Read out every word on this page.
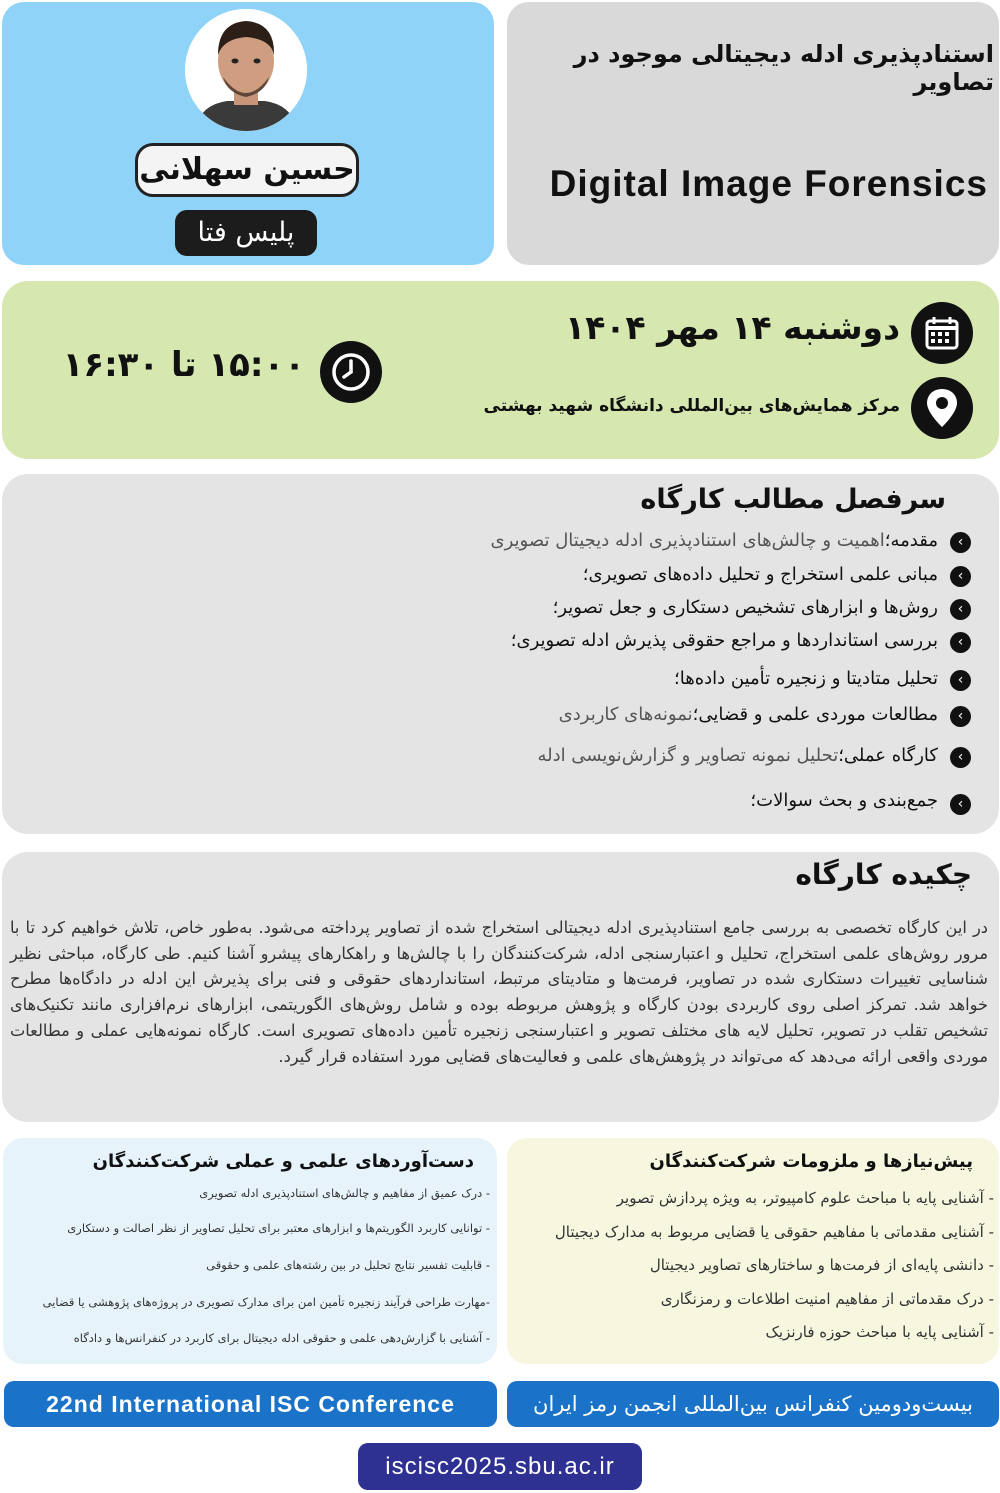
حسین سهلانی
پلیس فتا
استنادپذیری ادله دیجیتالی موجود در تصاویر
Digital Image Forensics
دوشنبه ۱۴ مهر ۱۴۰۴
مرکز همایش‌های بین‌المللی دانشگاه شهید بهشتی
۱۵:۰۰ تا ۱۶:۳۰
سرفصل مطالب کارگاه
‹
مقدمه؛اهمیت و چالش‌های استنادپذیری ادله دیجیتال تصویری
‹
مبانی علمی استخراج و تحلیل داده‌های تصویری؛
‹
روش‌ها و ابزارهای تشخیص دستکاری و جعل تصویر؛
‹
بررسی استانداردها و مراجع حقوقی پذیرش ادله تصویری؛
‹
تحلیل متادیتا و زنجیره تأمین داده‌ها؛
‹
مطالعات موردی علمی و قضایی؛نمونه‌های کاربردی
‹
کارگاه عملی؛تحلیل نمونه تصاویر و گزارش‌نویسی ادله
‹
جمع‌بندی و بحث سوالات؛
چکیده کارگاه
در این کارگاه تخصصی به بررسی جامع استنادپذیری ادله دیجیتالی استخراج شده از تصاویر پرداخته می‌شود. به‌طور خاص، تلاش خواهیم کرد تا با مرور روش‌های علمی استخراج، تحلیل و اعتبارسنجی ادله، شرکت‌کنندگان را با چالش‌ها و راهکارهای پیشرو آشنا کنیم. طی کارگاه، مباحثی نظیر شناسایی تغییرات دستکاری شده در تصاویر، فرمت‌ها و متادیتای مرتبط، استانداردهای حقوقی و فنی برای پذیرش این ادله در دادگاه‌ها مطرح خواهد شد. تمرکز اصلی روی کاربردی بودن کارگاه و پژوهش مربوطه بوده و شامل روش‌های الگوریتمی، ابزارهای نرم‌افزاری مانند تکنیک‌های تشخیص تقلب در تصویر، تحلیل لایه های مختلف تصویر و اعتبارسنجی زنجیره تأمین داده‌های تصویری است. کارگاه نمونه‌هایی عملی و مطالعات موردی واقعی ارائه می‌دهد که می‌تواند در پژوهش‌های علمی و فعالیت‌های قضایی مورد استفاده قرار گیرد.
دست‌آوردهای علمی و عملی شرکت‌کنندگان
- درک عمیق از مفاهیم و چالش‌های استنادپذیری ادله تصویری
- توانایی کاربرد الگوریتم‌ها و ابزارهای معتبر برای تحلیل تصاویر از نظر اصالت و دستکاری
- قابلیت تفسیر نتایج تحلیل در بین رشته‌های علمی و حقوقی
-مهارت طراحی فرآیند زنجیره تأمین امن برای مدارک تصویری در پروژه‌های پژوهشی یا قضایی
- آشنایی با گزارش‌دهی علمی و حقوقی ادله دیجیتال برای کاربرد در کنفرانس‌ها و دادگاه
پیش‌نیازها و ملزومات شرکت‌کنندگان
- آشنایی پایه با مباحث علوم کامپیوتر، به ویژه پردازش تصویر
- آشنایی مقدماتی با مفاهیم حقوقی یا قضایی مربوط به مدارک دیجیتال
- دانشی پایه‌ای از فرمت‌ها و ساختارهای تصاویر دیجیتال
- درک مقدماتی از مفاهیم امنیت اطلاعات و رمزنگاری
- آشنایی پایه با مباحث حوزه فارنزیک
22nd International ISC Conference	بیست‌ودومین کنفرانس بین‌المللی انجمن رمز ایران
iscisc2025.sbu.ac.ir
